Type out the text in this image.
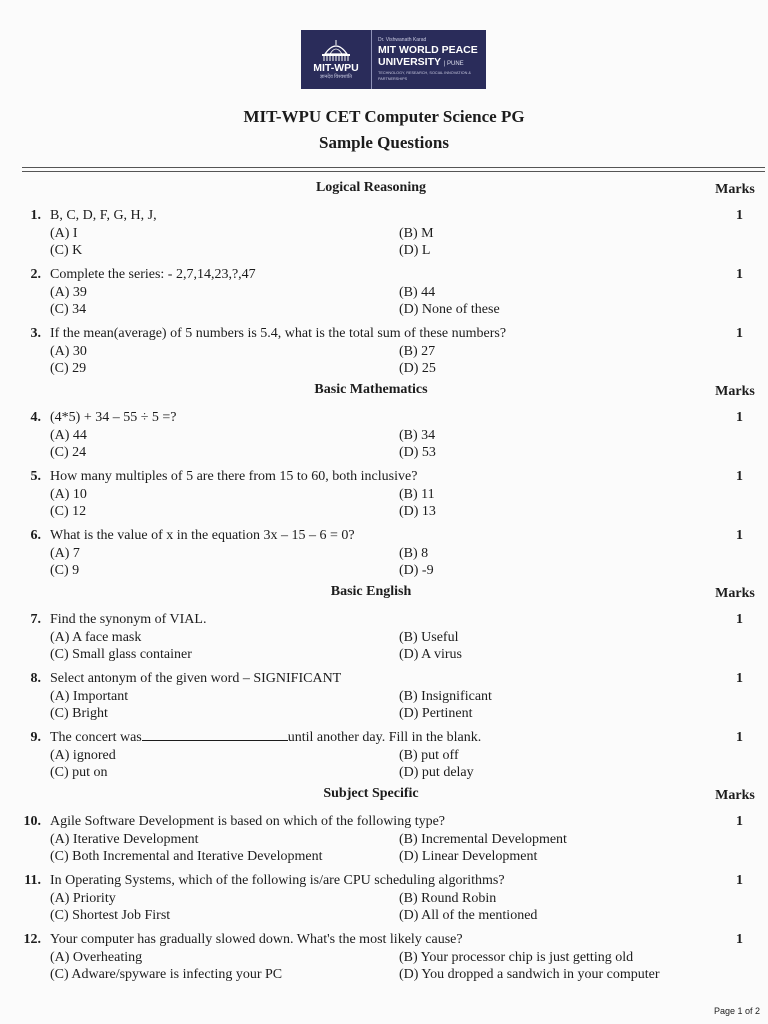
MIT-WPU
ज्ञानदेव विश्वशांति
Dr. Vishwanath Karad
MIT WORLD PEACE
UNIVERSITY | PUNE
TECHNOLOGY, RESEARCH, SOCIAL INNOVATION & PARTNERSHIPS
MIT-WPU CET Computer Science PG
Sample Questions
Logical Reasoning	Marks
1. B, C, D, F, G, H, J,	1
(A) I	(B) M
(C) K	(D) L
2. Complete the series: - 2,7,14,23,?,47	1
(A) 39	(B) 44
(C) 34	(D) None of these
3. If the mean(average) of 5 numbers is 5.4, what is the total sum of these numbers?	1
(A) 30	(B) 27
(C) 29	(D) 25
Basic Mathematics	Marks
4. (4*5) + 34 – 55 ÷ 5 =?	1
(A) 44	(B) 34
(C) 24	(D) 53
5. How many multiples of 5 are there from 15 to 60, both inclusive?	1
(A) 10	(B) 11
(C) 12	(D) 13
6. What is the value of x in the equation 3x – 15 – 6 = 0?	1
(A) 7	(B) 8
(C) 9	(D) -9
Basic English	Marks
7. Find the synonym of VIAL.	1
(A) A face mask	(B) Useful
(C) Small glass container	(D) A virus
8. Select antonym of the given word – SIGNIFICANT	1
(A) Important	(B) Insignificant
(C) Bright	(D) Pertinent
9. The concert was	until another day. Fill in the blank.	1
(A) ignored	(B) put off
(C) put on	(D) put delay
Subject Specific	Marks
10. Agile Software Development is based on which of the following type?	1
(A) Iterative Development	(B) Incremental Development
(C) Both Incremental and Iterative Development	(D) Linear Development
11. In Operating Systems, which of the following is/are CPU scheduling algorithms?	1
(A) Priority	(B) Round Robin
(C) Shortest Job First	(D) All of the mentioned
12. Your computer has gradually slowed down. What's the most likely cause?	1
(A) Overheating	(B) Your processor chip is just getting old
(C) Adware/spyware is infecting your PC	(D) You dropped a sandwich in your computer
Page 1 of 2
